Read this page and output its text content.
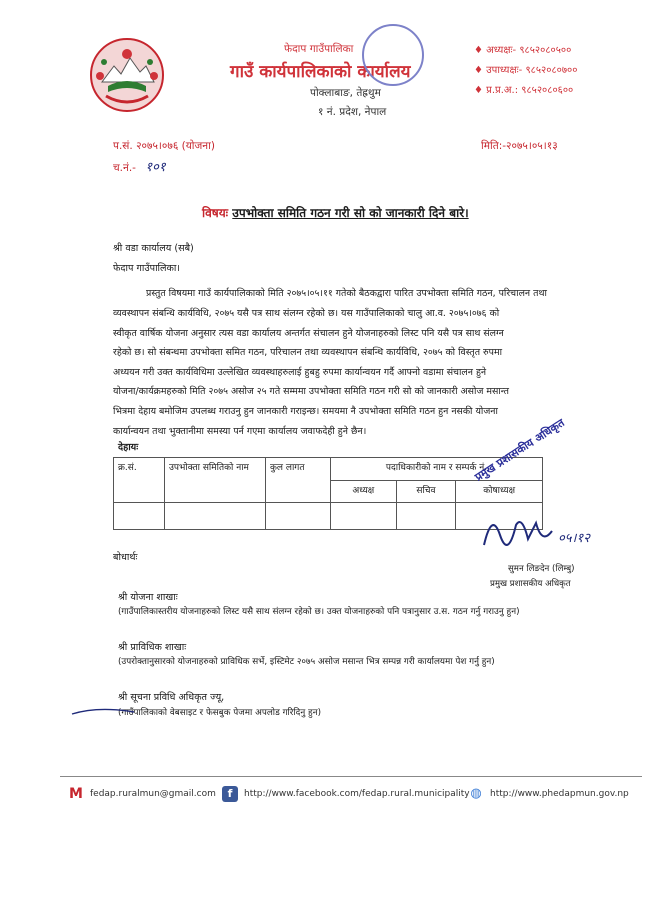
फेदाप गाउँपालिका
गाउँ कार्यपालिकाको कार्यालय
पोक्लाबाङ, तेह्रथुम
१ नं. प्रदेश, नेपाल
♦ अध्यक्षः- ९८५२०८०५००
♦ उपाध्यक्षः- ९८५२०८०७००
♦ प्र.प्र.अ.: ९८५२०८०६००
प.सं. २०७५।०७६ (योजना)
च.नं.- १०१
मिति:-२०७५।०५।१३
विषयः उपभोक्ता समिति गठन गरी सो को जानकारी दिने बारे।
श्री वडा कार्यालय (सबै)
फेदाप गाउँपालिका।
प्रस्तुत विषयमा गाउँ कार्यपालिकाको मिति २०७५।०५।११ गतेको बैठकद्वारा पारित उपभोक्ता समिति गठन, परिचालन तथा
व्यवस्थापन संबन्धि कार्यविधि, २०७५ यसै पत्र साथ संलग्न रहेको छ। यस गाउँपालिकाको चालु आ.व. २०७५।०७६ को
स्वीकृत वार्षिक योजना अनुसार त्यस वडा कार्यालय अन्तर्गत संचालन हुने योजनाहरुको लिस्ट पनि यसै पत्र साथ संलग्न
रहेको छ। सो संबन्धमा उपभोक्ता समित गठन, परिचालन तथा व्यवस्थापन संबन्धि कार्यविधि, २०७५ को विस्तृत रुपमा
अध्ययन गरी उक्त कार्यविधिमा उल्लेखित व्यवस्थाहरुलाई हुबहु रुपमा कार्यान्वयन गर्दै आफ्नो वडामा संचालन हुने
योजना/कार्यक्रमहरुको मिति २०७५ असोज २५ गते सम्ममा उपभोक्ता समिति गठन गरी सो को जानकारी असोज मसान्त
भित्रमा देहाय बमोजिम उपलब्ध गराउनु हुन जानकारी गराइन्छ। समयमा नै उपभोक्ता समिति गठन हुन नसकी योजना
कार्यान्वयन तथा भुक्तानीमा समस्या पर्न गएमा कार्यालय जवाफदेही हुने छैन।
देहायः
क्र.सं.	उपभोक्ता समितिको नाम	कुल लागत	पदाधिकारीको नाम र सम्पर्क नं.		
			अध्यक्ष	सचिव	कोषाध्यक्ष

प्रमुख प्रशासकीय अधिकृत
०५।१२
सुमन लिङदेन (लिम्बु)
प्रमुख प्रशासकीय अधिकृत
बोधार्थः
श्री योजना शाखाः
(गाउँपालिकास्तरीय योजनाहरुको लिस्ट यसै साथ संलग्न रहेको छ। उक्त योजनाहरुको पनि पत्रानुसार उ.स. गठन गर्नु गराउनु हुन)
श्री प्राविधिक शाखाः
(उपरोक्तानुसारको योजनाहरुको प्राविधिक सर्भे, इस्टिमेट २०७५ असोज मसान्त भित्र सम्पन्न गरी कार्यालयमा पेश गर्नु हुन)
श्री सूचना प्रविधि अधिकृत ज्यू,
(गाउँपालिकाको वेबसाइट र फेसबुक पेजमा अपलोड गरिदिनु हुन)
M fedap.ruralmun@gmail.com	f	http://www.facebook.com/fedap.rural.municipality ◍ http://www.phedapmun.gov.np
